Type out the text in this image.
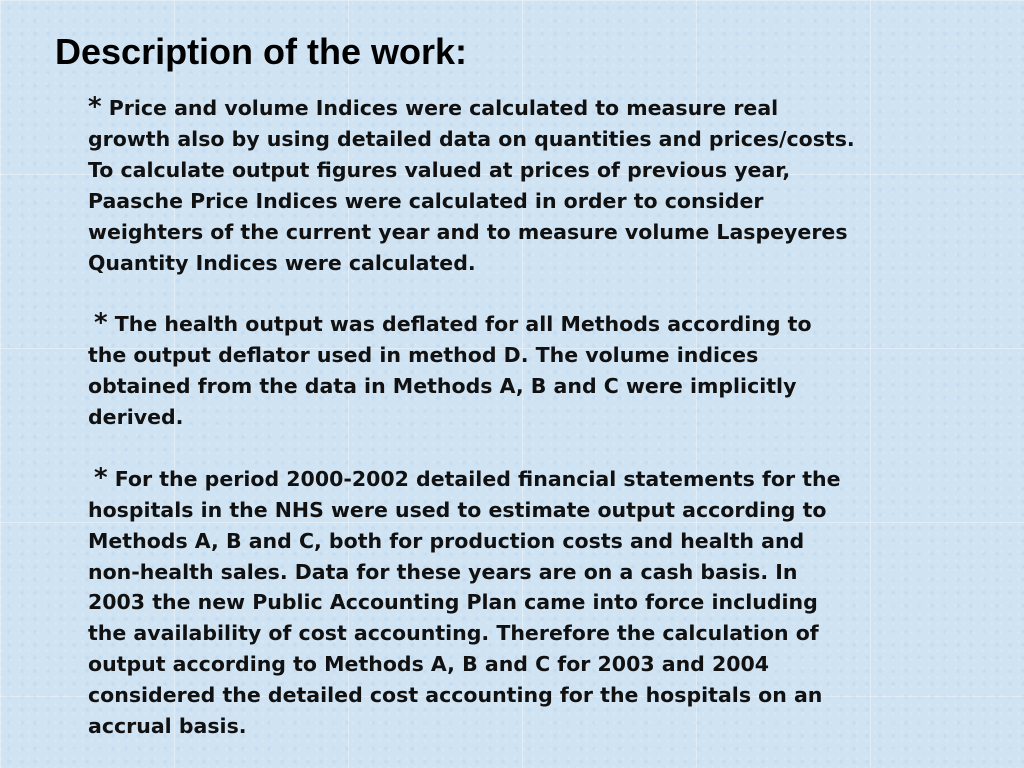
Description of the work:

* Price and volume Indices were calculated to measure real
growth also by using detailed data on quantities and prices/costs.
To calculate output figures valued at prices of previous year,
Paasche Price Indices were calculated in order to consider
weighters of the current year and to measure volume Laspeyeres
Quantity Indices were calculated.

* The health output was deflated for all Methods according to
the output deflator used in method D. The volume indices
obtained from the data in Methods A, B and C were implicitly
derived.

* For the period 2000-2002 detailed financial statements for the
hospitals in the NHS were used to estimate output according to
Methods A, B and C, both for production costs and health and
non-health sales. Data for these years are on a cash basis. In
2003 the new Public Accounting Plan came into force including
the availability of cost accounting. Therefore the calculation of
output according to Methods A, B and C for 2003 and 2004
considered the detailed cost accounting for the hospitals on an
accrual basis.
